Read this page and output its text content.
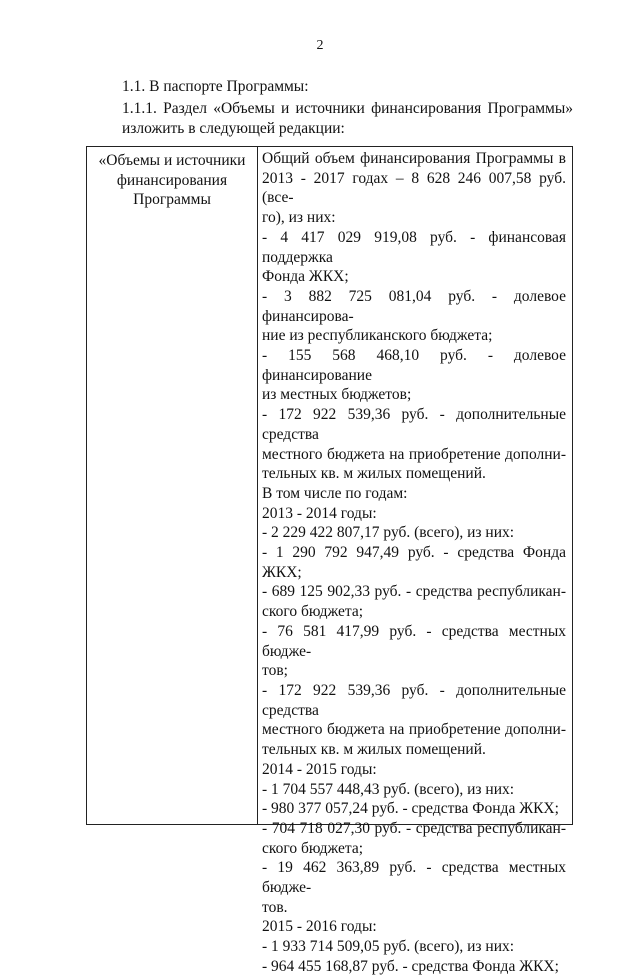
2
1.1. В паспорте Программы:
1.1.1. Раздел «Объемы и источники финансирования Программы»
изложить в следующей редакции:
«Объемы и источники
финансирования
Программы
Общий объем финансирования Программы в
2013 - 2017 годах – 8 628 246 007,58 руб. (все-
го), из них:
- 4 417 029 919,08 руб. - финансовая поддержка
Фонда ЖКХ;
- 3 882 725 081,04 руб. - долевое финансирова-
ние из республиканского бюджета;
- 155 568 468,10 руб. - долевое финансирование
из местных бюджетов;
- 172 922 539,36 руб. - дополнительные средства
местного бюджета на приобретение дополни-
тельных кв. м жилых помещений.
В том числе по годам:
2013 - 2014 годы:
- 2 229 422 807,17 руб. (всего), из них:
- 1 290 792 947,49 руб. - средства Фонда ЖКХ;
- 689 125 902,33 руб. - средства республикан-
ского бюджета;
- 76 581 417,99 руб. - средства местных бюдже-
тов;
- 172 922 539,36 руб. - дополнительные средства
местного бюджета на приобретение дополни-
тельных кв. м жилых помещений.
2014 - 2015 годы:
- 1 704 557 448,43 руб. (всего), из них:
- 980 377 057,24 руб. - средства Фонда ЖКХ;
- 704 718 027,30 руб. - средства республикан-
ского бюджета;
- 19 462 363,89 руб. - средства местных бюдже-
тов.
2015 - 2016 годы:
- 1 933 714 509,05 руб. (всего), из них:
- 964 455 168,87 руб. - средства Фонда ЖКХ;
